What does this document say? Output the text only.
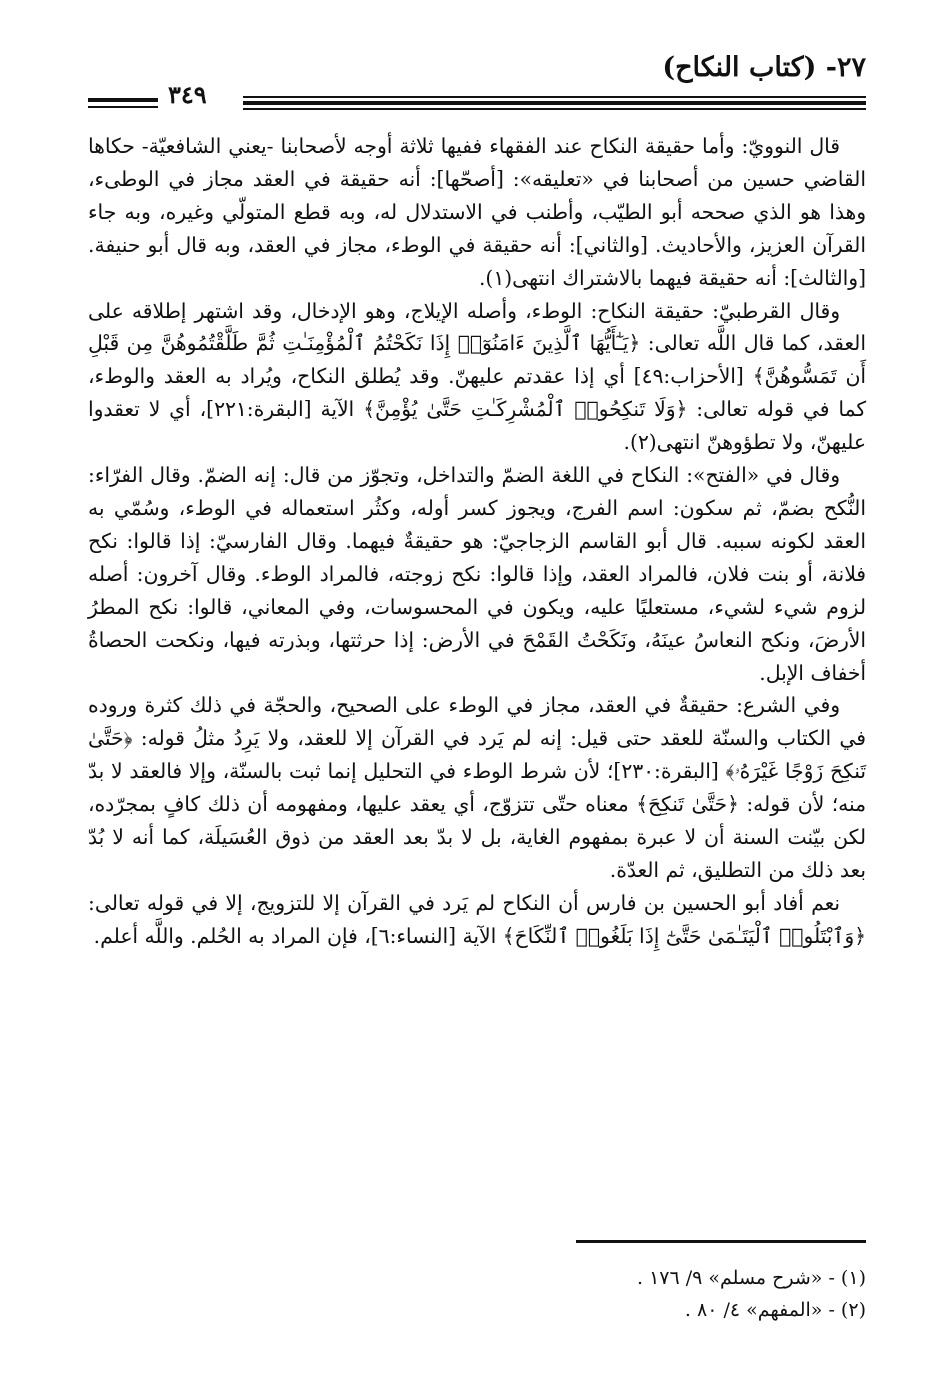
٢٧- (كتاب النكاح)
٣٤٩

قال النوويّ: وأما حقيقة النكاح عند الفقهاء ففيها ثلاثة أوجه لأصحابنا -يعني الشافعيّة- حكاها القاضي حسين من أصحابنا في «تعليقه»: [أصحّها]: أنه حقيقة في العقد مجاز في الوطىء، وهذا هو الذي صححه أبو الطيّب، وأطنب في الاستدلال له، وبه قطع المتولّي وغيره، وبه جاء القرآن العزيز، والأحاديث. [والثاني]: أنه حقيقة في الوطء، مجاز في العقد، وبه قال أبو حنيفة. [والثالث]: أنه حقيقة فيهما بالاشتراك انتهى(١).

وقال القرطبيّ: حقيقة النكاح: الوطء، وأصله الإيلاج، وهو الإدخال، وقد اشتهر إطلاقه على العقد، كما قال اللَّه تعالى: ﴿يَـٰٓأَيُّهَا ٱلَّذِينَ ءَامَنُوٓا۟ إِذَا نَكَحْتُمُ ٱلْمُؤْمِنَـٰتِ ثُمَّ طَلَّقْتُمُوهُنَّ مِن قَبْلِ أَن تَمَسُّوهُنَّ﴾ [الأحزاب:٤٩] أي إذا عقدتم عليهنّ. وقد يُطلق النكاح، ويُراد به العقد والوطء، كما في قوله تعالى: ﴿وَلَا تَنكِحُوا۟ ٱلْمُشْرِكَـٰتِ حَتَّىٰ يُؤْمِنَّ﴾ الآية [البقرة:٢٢١]، أي لا تعقدوا عليهنّ، ولا تطؤوهنّ انتهى(٢).

وقال في «الفتح»: النكاح في اللغة الضمّ والتداخل، وتجوّز من قال: إنه الضمّ. وقال الفرّاء: النُّكح بضمّ، ثم سكون: اسم الفرج، ويجوز كسر أوله، وكثُر استعماله في الوطء، وسُمّي به العقد لكونه سببه. قال أبو القاسم الزجاجيّ: هو حقيقةٌ فيهما. وقال الفارسيّ: إذا قالوا: نكح فلانة، أو بنت فلان، فالمراد العقد، وإذا قالوا: نكح زوجته، فالمراد الوطء. وقال آخرون: أصله لزوم شيء لشيء، مستعليًا عليه، ويكون في المحسوسات، وفي المعاني، قالوا: نكح المطرُ الأرضَ، ونكح النعاسُ عينَهُ، ونَكَحْتُ القَمْحَ في الأرض: إذا حرثتها، وبذرته فيها، ونكحت الحصاةُ أخفاف الإبل.

وفي الشرع: حقيقةٌ في العقد، مجاز في الوطء على الصحيح، والحجّة في ذلك كثرة وروده في الكتاب والسنّة للعقد حتى قيل: إنه لم يَرد في القرآن إلا للعقد، ولا يَرِدُ مثلُ قوله: ﴿حَتَّىٰ تَنكِحَ زَوْجًا غَيْرَهُۥ﴾ [البقرة:٢٣٠]؛ لأن شرط الوطء في التحليل إنما ثبت بالسنّة، وإلا فالعقد لا بدّ منه؛ لأن قوله: ﴿حَتَّىٰ تَنكِحَ﴾ معناه حتّى تتزوّج، أي يعقد عليها، ومفهومه أن ذلك كافٍ بمجرّده، لكن بيّنت السنة أن لا عبرة بمفهوم الغاية، بل لا بدّ بعد العقد من ذوق العُسَيلَة، كما أنه لا بُدّ بعد ذلك من التطليق، ثم العدّة.

نعم أفاد أبو الحسين بن فارس أن النكاح لم يَرد في القرآن إلا للتزويج، إلا في قوله تعالى: ﴿وَٱبْتَلُوا۟ ٱلْيَتَـٰمَىٰ حَتَّىٰٓ إِذَا بَلَغُوا۟ ٱلنِّكَاحَ﴾ الآية [النساء:٦]، فإن المراد به الحُلم. واللَّه أعلم.

(١) - «شرح مسلم» ٩/ ١٧٦ .
(٢) - «المفهم» ٤/ ٨٠ .
